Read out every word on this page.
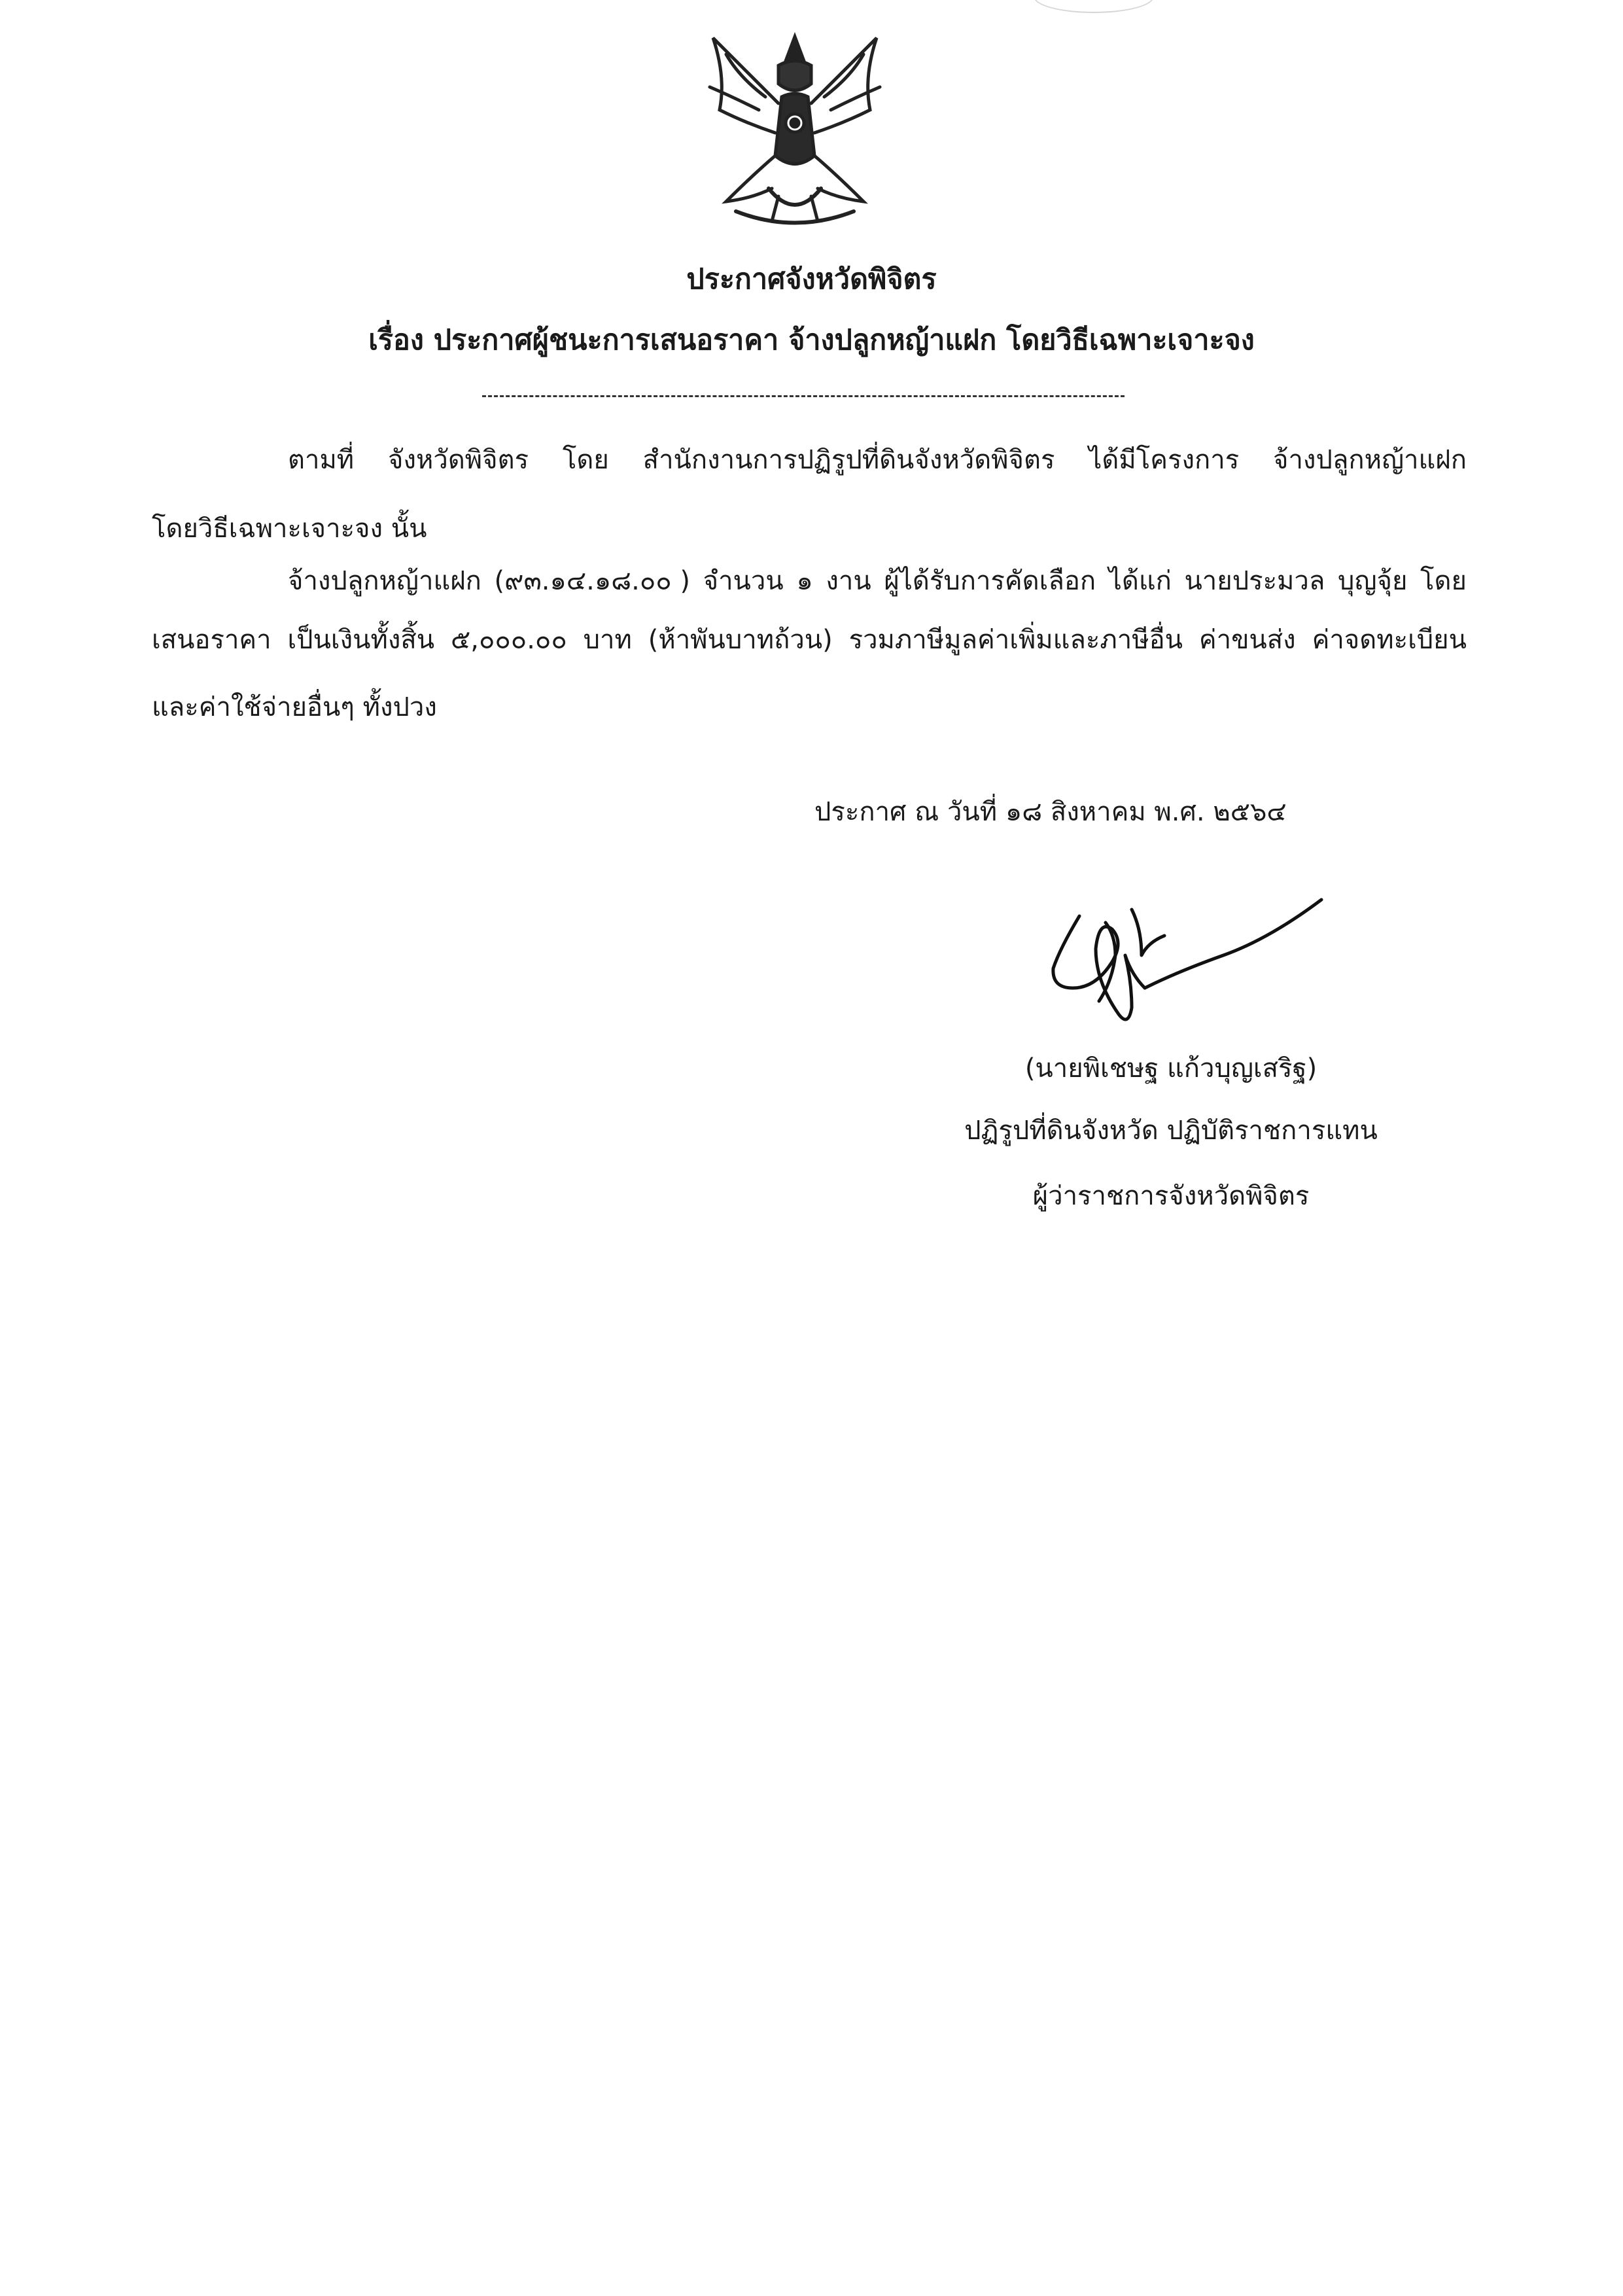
ประกาศจังหวัดพิจิตร
เรื่อง ประกาศผู้ชนะการเสนอราคา จ้างปลูกหญ้าแฝก โดยวิธีเฉพาะเจาะจง
ตามที่ จังหวัดพิจิตร โดย สำนักงานการปฏิรูปที่ดินจังหวัดพิจิตร ได้มีโครงการ จ้างปลูกหญ้าแฝก
โดยวิธีเฉพาะเจาะจง นั้น
จ้างปลูกหญ้าแฝก (๙๓.๑๔.๑๘.๐๐ ) จำนวน ๑ งาน ผู้ได้รับการคัดเลือก ได้แก่ นายประมวล บุญจุ้ย โดย
เสนอราคา เป็นเงินทั้งสิ้น ๕,๐๐๐.๐๐ บาท (ห้าพันบาทถ้วน) รวมภาษีมูลค่าเพิ่มและภาษีอื่น ค่าขนส่ง ค่าจดทะเบียน
และค่าใช้จ่ายอื่นๆ ทั้งปวง
ประกาศ ณ วันที่ ๑๘ สิงหาคม พ.ศ. ๒๕๖๔
(นายพิเชษฐ แก้วบุญเสริฐ)
ปฏิรูปที่ดินจังหวัด ปฏิบัติราชการแทน
ผู้ว่าราชการจังหวัดพิจิตร
